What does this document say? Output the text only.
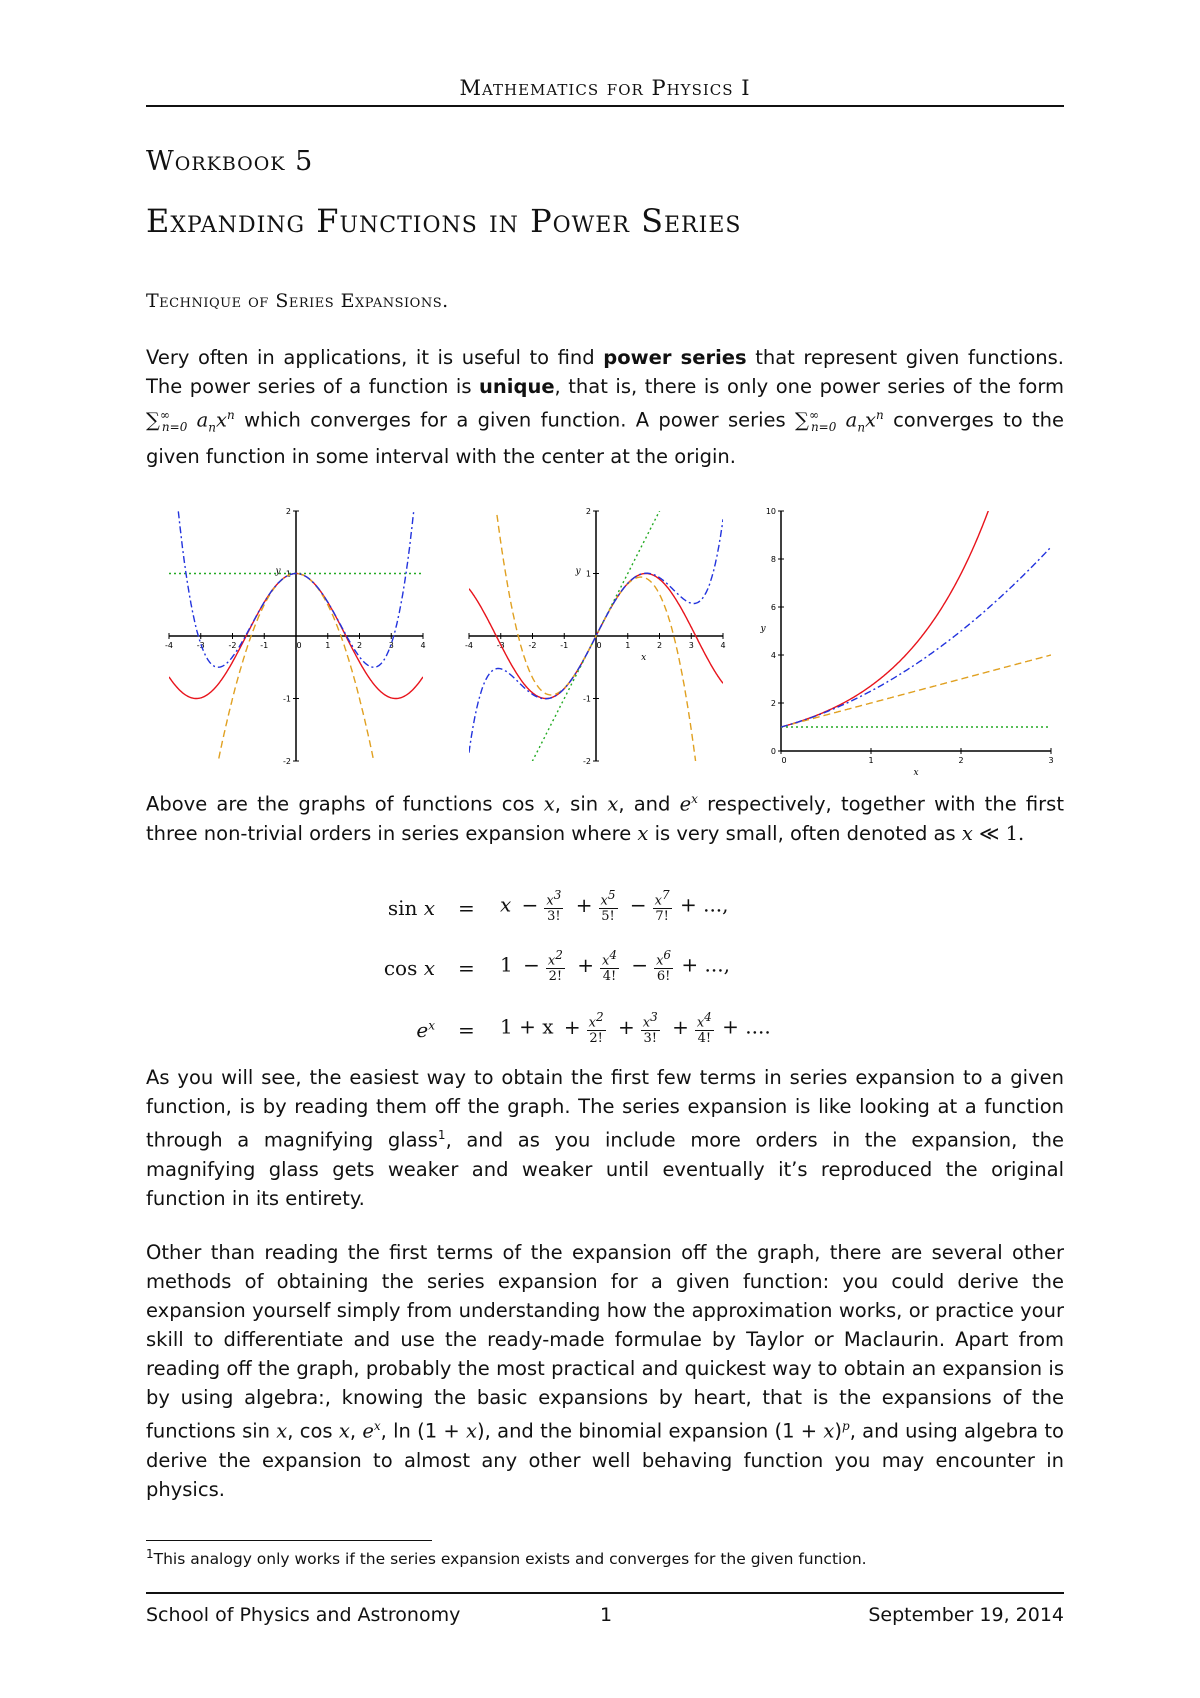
Mathematics for Physics I
Workbook 5
Expanding Functions in Power Series
Technique of Series Expansions.
Very often in applications, it is useful to find power series that represent given functions. The power series of a function is unique, that is, there is only one power series of the form $\sum^\infty_{n=0}$ $a_nx^n$ which converges for a given function. A power series $\sum^\infty_{n=0}$ $a_nx^n$ converges to the given function in some interval with the center at the origin.
-4	-3	-2	-1	0	1	2	3	4
2
1
-1
-2
y
-4	-3	-2	-1	0	1	2	3	4
2
1
-1
-2
x
y
0	1	2	3
0
2
4
6
8
10
x
y
Above are the graphs of functions cos x, sin x, and $e^x$ respectively, together with the first three non-trivial orders in series expansion where x is very small, often denoted as x ≪ 1.
$\sin x = x - \frac{x^3}{3!} + \frac{x^5}{5!} - \frac{x^7}{7!}$ + ...,
$\cos x = 1 - \frac{x^2}{2!} + \frac{x^4}{4!} - \frac{x^6}{6!}$ + ...,
$e^x = 1 + x + \frac{x^2}{2!} + \frac{x^3}{3!} + \frac{x^4}{4!}$ + ....
As you will see, the easiest way to obtain the first few terms in series expansion to a given function, is by reading them off the graph. The series expansion is like looking at a function through a magnifying glass$^1$, and as you include more orders in the expansion, the magnifying glass gets weaker and weaker until eventually it’s reproduced the original function in its entirety.
Other than reading the first terms of the expansion off the graph, there are several other methods of obtaining the series expansion for a given function: you could derive the expansion yourself simply from understanding how the approximation works, or practice your skill to differentiate and use the ready-made formulae by Taylor or Maclaurin. Apart from reading off the graph, probably the most practical and quickest way to obtain an expansion is by using algebra:, knowing the basic expansions by heart, that is the expansions of the functions sin x, cos x, $e^x$, ln (1 + x), and the binomial expansion $(1 + x)^p$, and using algebra to derive the expansion to almost any other well behaving function you may encounter in physics.
$^1$This analogy only works if the series expansion exists and converges for the given function.
School of Physics and Astronomy	1	September 19, 2014
